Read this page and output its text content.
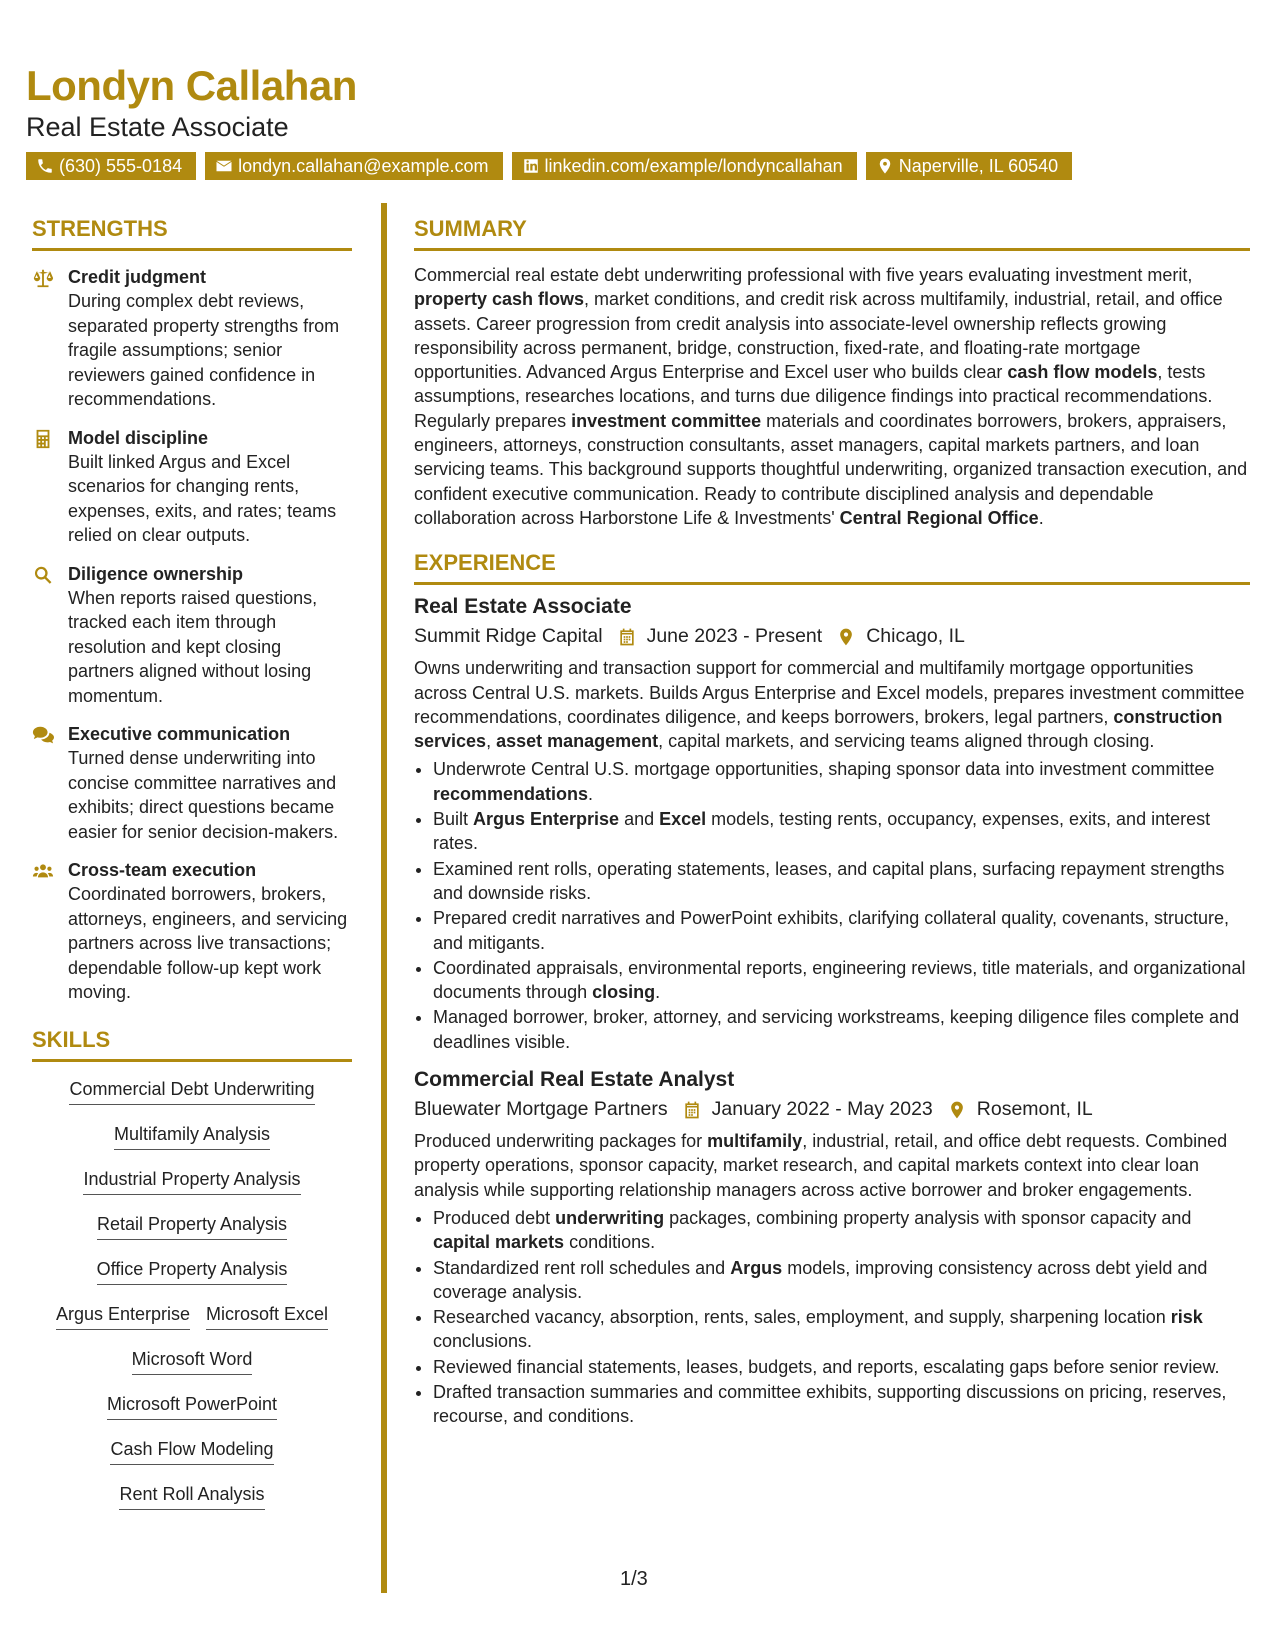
Londyn Callahan
Real Estate Associate
(630) 555-0184	londyn.callahan@example.com	linkedin.com/example/londyncallahan	Naperville, IL 60540
STRENGTHS
Credit judgment
During complex debt reviews, separated property strengths from fragile assumptions; senior reviewers gained confidence in recommendations.
Model discipline
Built linked Argus and Excel scenarios for changing rents, expenses, exits, and rates; teams relied on clear outputs.
Diligence ownership
When reports raised questions, tracked each item through resolution and kept closing partners aligned without losing momentum.
Executive communication
Turned dense underwriting into concise committee narratives and exhibits; direct questions became easier for senior decision-makers.
Cross-team execution
Coordinated borrowers, brokers, attorneys, engineers, and servicing partners across live transactions; dependable follow-up kept work moving.
SKILLS
Commercial Debt Underwriting
Multifamily Analysis
Industrial Property Analysis
Retail Property Analysis
Office Property Analysis
Argus Enterprise Microsoft Excel
Microsoft Word
Microsoft PowerPoint
Cash Flow Modeling
Rent Roll Analysis
SUMMARY
Commercial real estate debt underwriting professional with five years evaluating investment merit, property cash flows, market conditions, and credit risk across multifamily, industrial, retail, and office assets. Career progression from credit analysis into associate-level ownership reflects growing responsibility across permanent, bridge, construction, fixed-rate, and floating-rate mortgage opportunities. Advanced Argus Enterprise and Excel user who builds clear cash flow models, tests assumptions, researches locations, and turns due diligence findings into practical recommendations. Regularly prepares investment committee materials and coordinates borrowers, brokers, appraisers, engineers, attorneys, construction consultants, asset managers, capital markets partners, and loan servicing teams. This background supports thoughtful underwriting, organized transaction execution, and confident executive communication. Ready to contribute disciplined analysis and dependable collaboration across Harborstone Life & Investments' Central Regional Office.
EXPERIENCE
Real Estate Associate
Summit Ridge Capital June 2023 - Present Chicago, IL
Owns underwriting and transaction support for commercial and multifamily mortgage opportunities across Central U.S. markets. Builds Argus Enterprise and Excel models, prepares investment committee recommendations, coordinates diligence, and keeps borrowers, brokers, legal partners, construction services, asset management, capital markets, and servicing teams aligned through closing.
• Underwrote Central U.S. mortgage opportunities, shaping sponsor data into investment committee recommendations.
• Built Argus Enterprise and Excel models, testing rents, occupancy, expenses, exits, and interest rates.
• Examined rent rolls, operating statements, leases, and capital plans, surfacing repayment strengths and downside risks.
• Prepared credit narratives and PowerPoint exhibits, clarifying collateral quality, covenants, structure, and mitigants.
• Coordinated appraisals, environmental reports, engineering reviews, title materials, and organizational documents through closing.
• Managed borrower, broker, attorney, and servicing workstreams, keeping diligence files complete and deadlines visible.
Commercial Real Estate Analyst
Bluewater Mortgage Partners January 2022 - May 2023 Rosemont, IL
Produced underwriting packages for multifamily, industrial, retail, and office debt requests. Combined property operations, sponsor capacity, market research, and capital markets context into clear loan analysis while supporting relationship managers across active borrower and broker engagements.
• Produced debt underwriting packages, combining property analysis with sponsor capacity and capital markets conditions.
• Standardized rent roll schedules and Argus models, improving consistency across debt yield and coverage analysis.
• Researched vacancy, absorption, rents, sales, employment, and supply, sharpening location risk conclusions.
• Reviewed financial statements, leases, budgets, and reports, escalating gaps before senior review.
• Drafted transaction summaries and committee exhibits, supporting discussions on pricing, reserves, recourse, and conditions.
1/3
